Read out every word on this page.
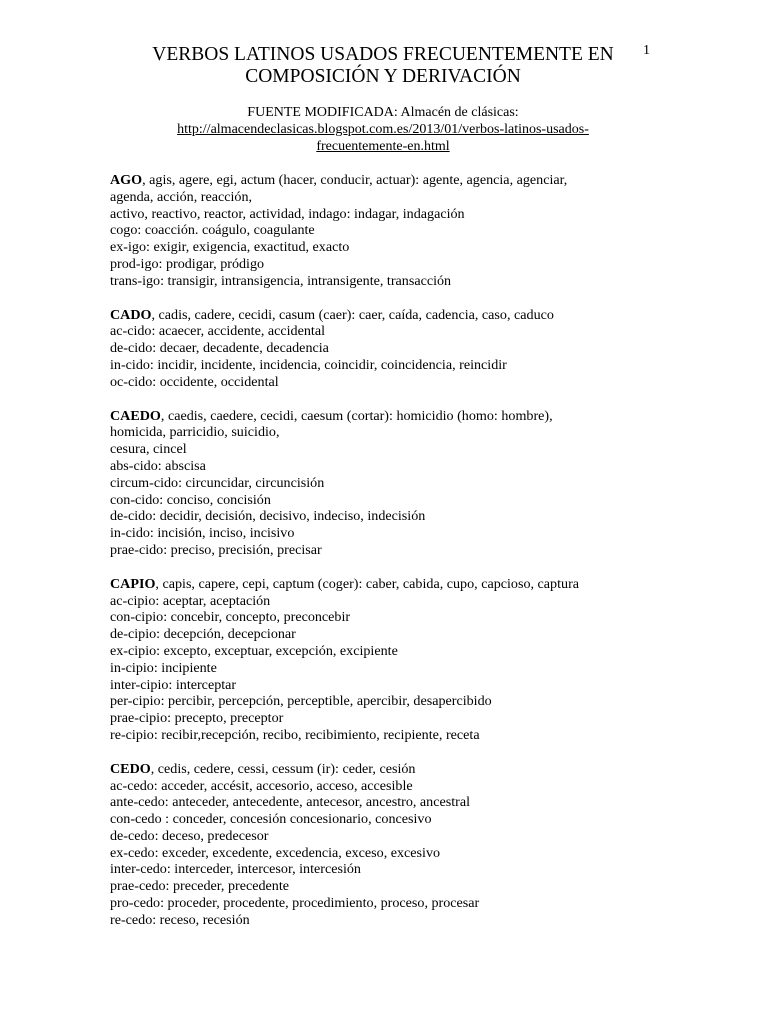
1
VERBOS LATINOS USADOS FRECUENTEMENTE EN
COMPOSICIÓN Y DERIVACIÓN
FUENTE MODIFICADA: Almacén de clásicas:
http://almacendeclasicas.blogspot.com.es/2013/01/verbos-latinos-usados-
frecuentemente-en.html
AGO, agis, agere, egi, actum (hacer, conducir, actuar): agente, agencia, agenciar,
agenda, acción, reacción,
activo, reactivo, reactor, actividad, indago: indagar, indagación
cogo: coacción. coágulo, coagulante
ex-igo: exigir, exigencia, exactitud, exacto
prod-igo: prodigar, pródigo
trans-igo: transigir, intransigencia, intransigente, transacción
CADO, cadis, cadere, cecidi, casum (caer): caer, caída, cadencia, caso, caduco
ac-cido: acaecer, accidente, accidental
de-cido: decaer, decadente, decadencia
in-cido: incidir, incidente, incidencia, coincidir, coincidencia, reincidir
oc-cido: occidente, occidental
CAEDO, caedis, caedere, cecidi, caesum (cortar): homicidio (homo: hombre),
homicida, parricidio, suicidio,
cesura, cincel
abs-cido: abscisa
circum-cido: circuncidar, circuncisión
con-cido: conciso, concisión
de-cido: decidir, decisión, decisivo, indeciso, indecisión
in-cido: incisión, inciso, incisivo
prae-cido: preciso, precisión, precisar
CAPIO, capis, capere, cepi, captum (coger): caber, cabida, cupo, capcioso, captura
ac-cipio: aceptar, aceptación
con-cipio: concebir, concepto, preconcebir
de-cipio: decepción, decepcionar
ex-cipio: excepto, exceptuar, excepción, excipiente
in-cipio: incipiente
inter-cipio: interceptar
per-cipio: percibir, percepción, perceptible, apercibir, desapercibido
prae-cipio: precepto, preceptor
re-cipio: recibir,recepción, recibo, recibimiento, recipiente, receta
CEDO, cedis, cedere, cessi, cessum (ir): ceder, cesión
ac-cedo: acceder, accésit, accesorio, acceso, accesible
ante-cedo: anteceder, antecedente, antecesor, ancestro, ancestral
con-cedo : conceder, concesión concesionario, concesivo
de-cedo: deceso, predecesor
ex-cedo: exceder, excedente, excedencia, exceso, excesivo
inter-cedo: interceder, intercesor, intercesión
prae-cedo: preceder, precedente
pro-cedo: proceder, procedente, procedimiento, proceso, procesar
re-cedo: receso, recesión
